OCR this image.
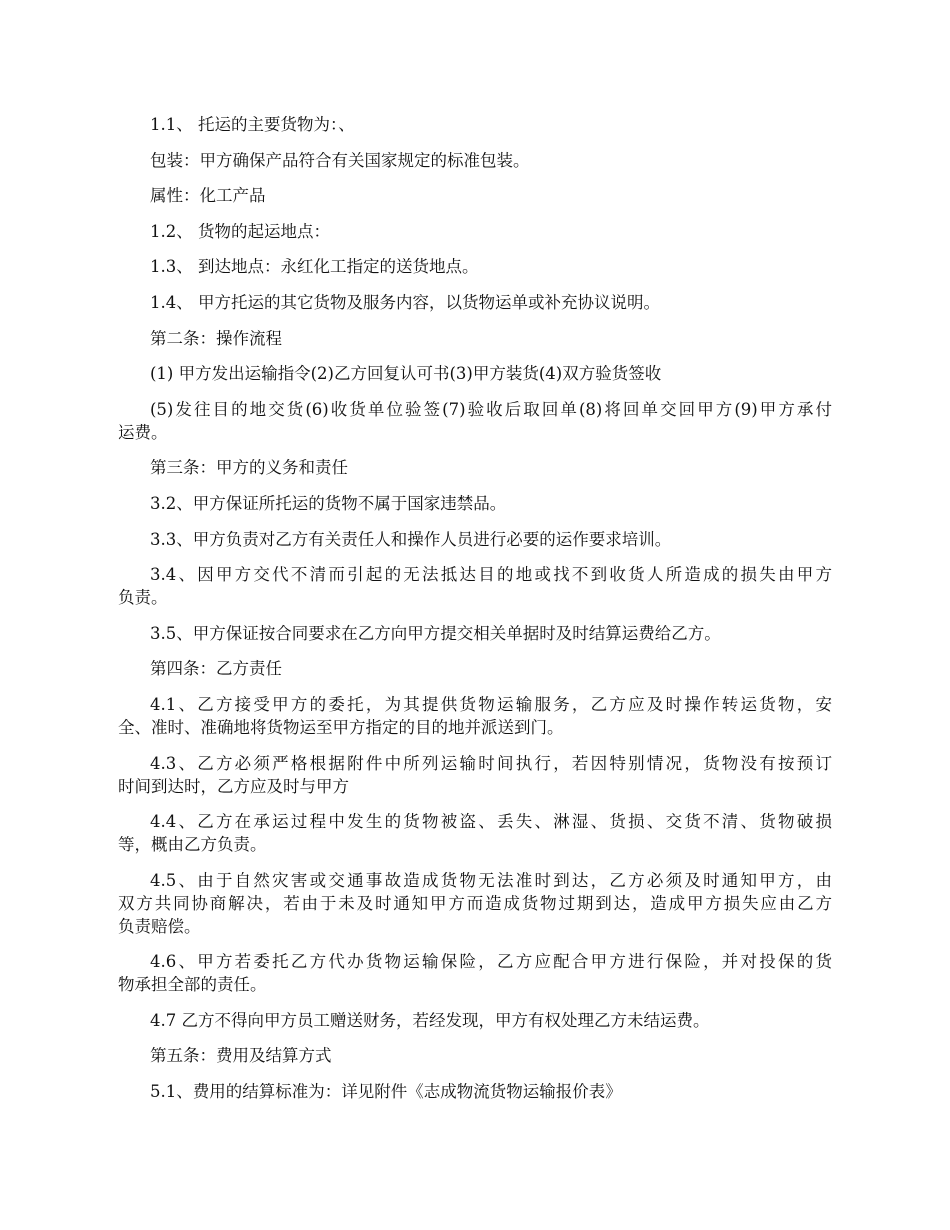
1.1、 托运的主要货物为：、
包装：甲方确保产品符合有关国家规定的标准包装。
属性：化工产品
1.2、 货物的起运地点：
1.3、 到达地点：永红化工指定的送货地点。
1.4、 甲方托运的其它货物及服务内容，以货物运单或补充协议说明。
第二条：操作流程
(1) 甲方发出运输指令(2)乙方回复认可书(3)甲方装货(4)双方验货签收
(5)发往目的地交货(6)收货单位验签(7)验收后取回单(8)将回单交回甲方(9)甲方承付
运费。
第三条：甲方的义务和责任
3.2、甲方保证所托运的货物不属于国家违禁品。
3.3、甲方负责对乙方有关责任人和操作人员进行必要的运作要求培训。
3.4、因甲方交代不清而引起的无法抵达目的地或找不到收货人所造成的损失由甲方
负责。
3.5、甲方保证按合同要求在乙方向甲方提交相关单据时及时结算运费给乙方。
第四条：乙方责任
4.1、乙方接受甲方的委托，为其提供货物运输服务，乙方应及时操作转运货物，安
全、准时、准确地将货物运至甲方指定的目的地并派送到门。
4.3、乙方必须严格根据附件中所列运输时间执行，若因特别情况，货物没有按预订
时间到达时，乙方应及时与甲方
4.4、乙方在承运过程中发生的货物被盗、丢失、淋湿、货损、交货不清、货物破损
等，概由乙方负责。
4.5、由于自然灾害或交通事故造成货物无法准时到达，乙方必须及时通知甲方，由
双方共同协商解决，若由于未及时通知甲方而造成货物过期到达，造成甲方损失应由乙方
负责赔偿。
4.6、甲方若委托乙方代办货物运输保险，乙方应配合甲方进行保险，并对投保的货
物承担全部的责任。
4.7 乙方不得向甲方员工赠送财务，若经发现，甲方有权处理乙方未结运费。
第五条：费用及结算方式
5.1、费用的结算标准为：详见附件《志成物流货物运输报价表》
